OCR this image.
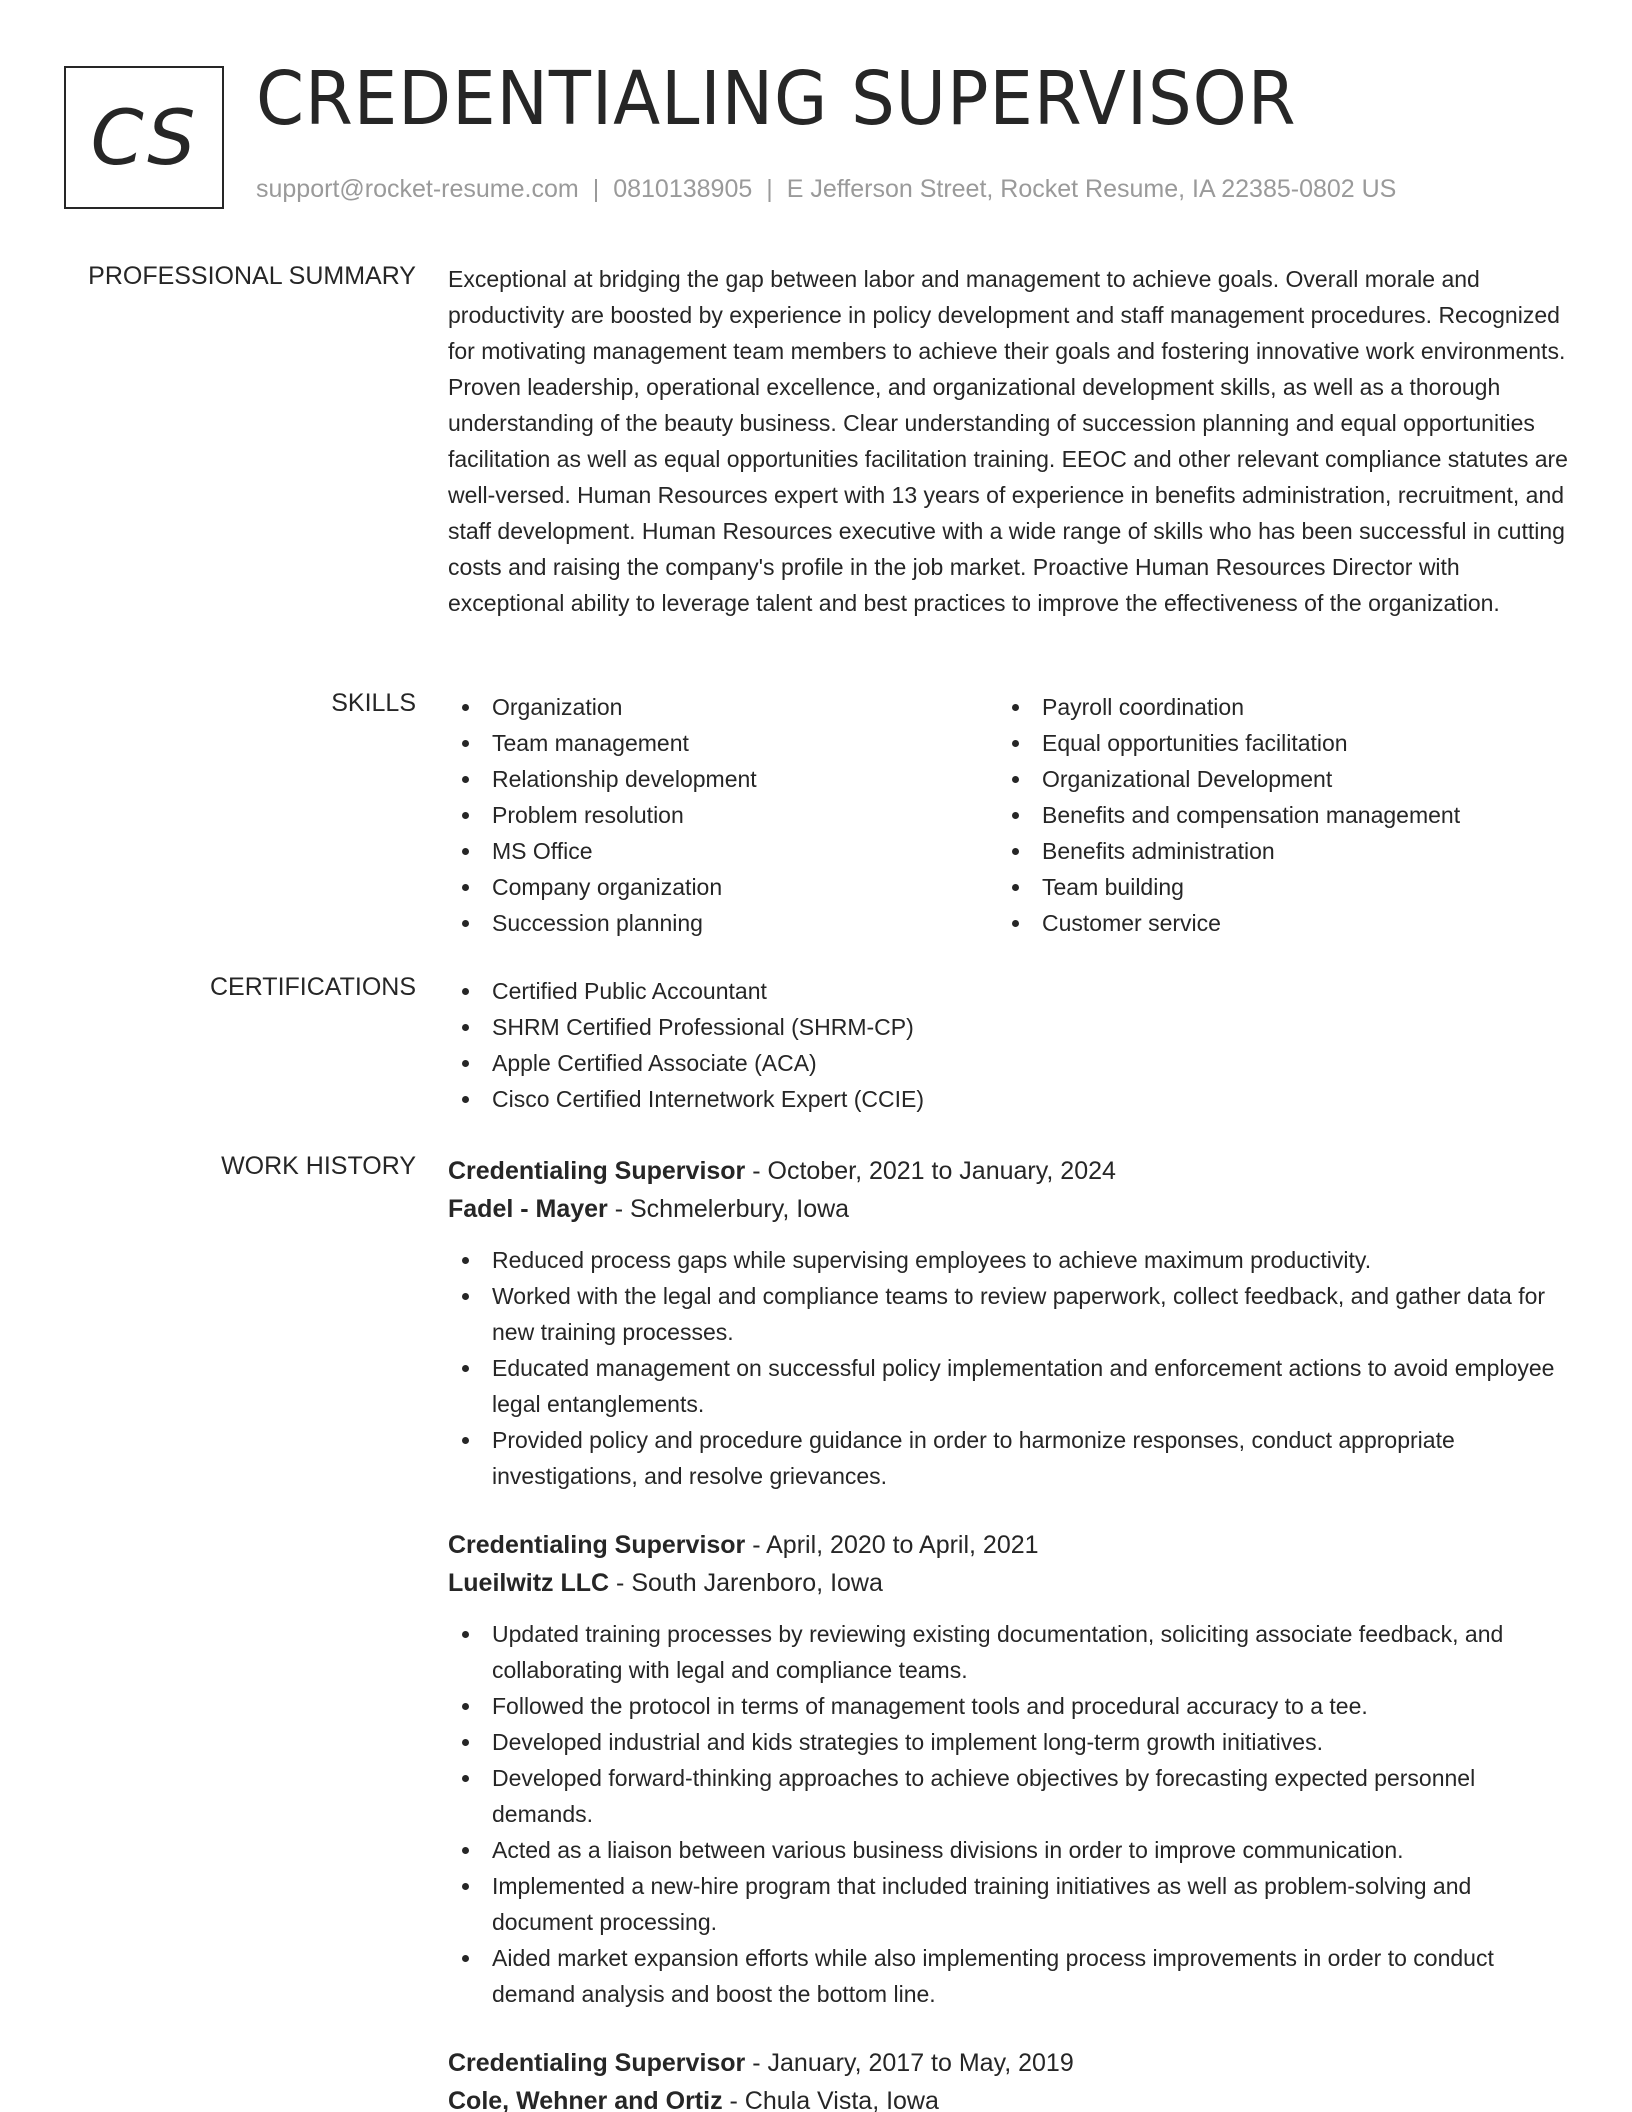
CS CREDENTIALING SUPERVISOR
support@rocket-resume.com | 0810138905 | E Jefferson Street, Rocket Resume, IA 22385-0802 US
PROFESSIONAL SUMMARY Exceptional at bridging the gap between labor and management to achieve goals. Overall morale and productivity are boosted by experience in policy development and staff management procedures. Recognized for motivating management team members to achieve their goals and fostering innovative work environments. Proven leadership, operational excellence, and organizational development skills, as well as a thorough understanding of the beauty business. Clear understanding of succession planning and equal opportunities facilitation as well as equal opportunities facilitation training. EEOC and other relevant compliance statutes are well-versed. Human Resources expert with 13 years of experience in benefits administration, recruitment, and staff development. Human Resources executive with a wide range of skills who has been successful in cutting costs and raising the company's profile in the job market. Proactive Human Resources Director with exceptional ability to leverage talent and best practices to improve the effectiveness of the organization.

SKILLS	Organization
Team management
Relationship development
Problem resolution
MS Office
Company organization
Succession planning
Payroll coordination
Equal opportunities facilitation
Organizational Development
Benefits and compensation management
Benefits administration
Team building
Customer service
CERTIFICATIONS	Certified Public Accountant
SHRM Certified Professional (SHRM-CP)
Apple Certified Associate (ACA)
Cisco Certified Internetwork Expert (CCIE)
WORK HISTORY Credentialing Supervisor - October, 2021 to January, 2024
Fadel - Mayer - Schmelerbury, Iowa
Reduced process gaps while supervising employees to achieve maximum productivity.
Worked with the legal and compliance teams to review paperwork, collect feedback, and gather data for new training processes.
Educated management on successful policy implementation and enforcement actions to avoid employee legal entanglements.
Provided policy and procedure guidance in order to harmonize responses, conduct appropriate investigations, and resolve grievances.
Credentialing Supervisor - April, 2020 to April, 2021
Lueilwitz LLC - South Jarenboro, Iowa
Updated training processes by reviewing existing documentation, soliciting associate feedback, and collaborating with legal and compliance teams.
Followed the protocol in terms of management tools and procedural accuracy to a tee.
Developed industrial and kids strategies to implement long-term growth initiatives.
Developed forward-thinking approaches to achieve objectives by forecasting expected personnel demands.
Acted as a liaison between various business divisions in order to improve communication.
Implemented a new-hire program that included training initiatives as well as problem-solving and document processing.
Aided market expansion efforts while also implementing process improvements in order to conduct demand analysis and boost the bottom line.
Credentialing Supervisor - January, 2017 to May, 2019
Cole, Wehner and Ortiz - Chula Vista, Iowa
